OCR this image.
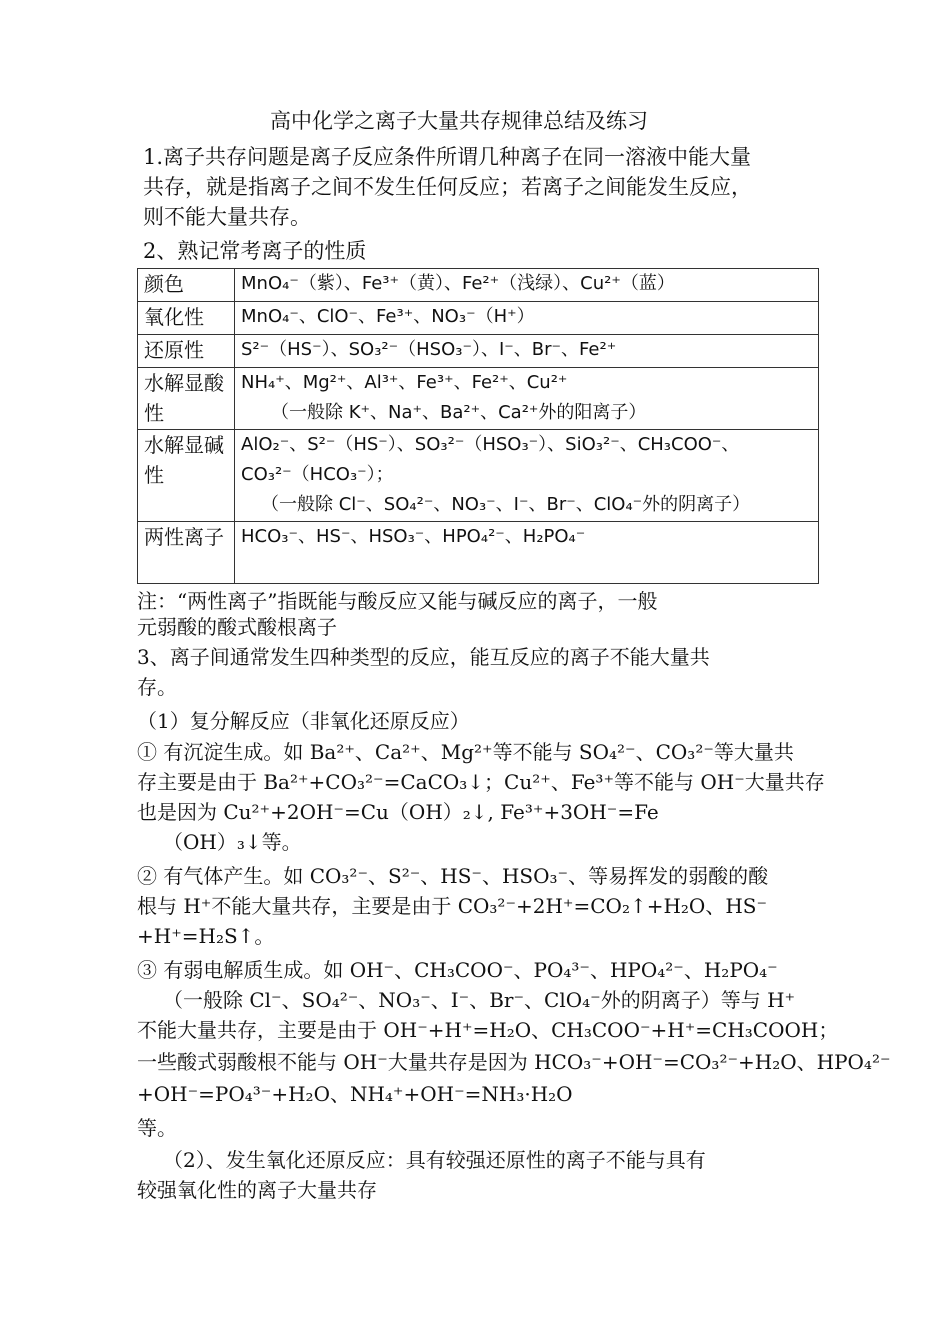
高中化学之离子大量共存规律总结及练习
1.离子共存问题是离子反应条件所谓几种离子在同一溶液中能大量
共存，就是指离子之间不发生任何反应；若离子之间能发生反应，
则不能大量共存。
2、熟记常考离子的性质
颜色	MnO₄⁻（紫）、Fe³⁺（黄）、Fe²⁺（浅绿）、Cu²⁺（蓝）

氧化性	MnO₄⁻、ClO⁻、Fe³⁺、NO₃⁻（H⁺）

还原性	S²⁻（HS⁻）、SO₃²⁻（HSO₃⁻）、I⁻、Br⁻、Fe²⁺

水解显酸性	NH₄⁺、Mg²⁺、Al³⁺、Fe³⁺、Fe²⁺、Cu²⁺
（一般除 K⁺、Na⁺、Ba²⁺、Ca²⁺外的阳离子）

水解显碱性	AlO₂⁻、S²⁻（HS⁻）、SO₃²⁻（HSO₃⁻）、SiO₃²⁻、CH₃COO⁻、
CO₃²⁻（HCO₃⁻）；
（一般除 Cl⁻、SO₄²⁻、NO₃⁻、I⁻、Br⁻、ClO₄⁻外的阴离子）

两性离子	HCO₃⁻、HS⁻、HSO₃⁻、HPO₄²⁻、H₂PO₄⁻
注：“两性离子”指既能与酸反应又能与碱反应的离子，一般
元弱酸的酸式酸根离子
3、离子间通常发生四种类型的反应，能互反应的离子不能大量共
存。
（1）复分解反应（非氧化还原反应）
① 有沉淀生成。如 Ba²⁺、Ca²⁺、Mg²⁺等不能与 SO₄²⁻、CO₃²⁻等大量共
存主要是由于 Ba²⁺+CO₃²⁻=CaCO₃↓；Cu²⁺、Fe³⁺等不能与 OH⁻大量共存
也是因为 Cu²⁺+2OH⁻=Cu（OH）₂↓, Fe³⁺+3OH⁻=Fe
（OH）₃↓等。
② 有气体产生。如 CO₃²⁻、S²⁻、HS⁻、HSO₃⁻、等易挥发的弱酸的酸
根与 H⁺不能大量共存，主要是由于 CO₃²⁻+2H⁺=CO₂↑+H₂O、HS⁻
+H⁺=H₂S↑。
③ 有弱电解质生成。如 OH⁻、CH₃COO⁻、PO₄³⁻、HPO₄²⁻、H₂PO₄⁻
（一般除 Cl⁻、SO₄²⁻、NO₃⁻、I⁻、Br⁻、ClO₄⁻外的阴离子）等与 H⁺
不能大量共存，主要是由于 OH⁻+H⁺=H₂O、CH₃COO⁻+H⁺=CH₃COOH；
一些酸式弱酸根不能与 OH⁻大量共存是因为 HCO₃⁻+OH⁻=CO₃²⁻+H₂O、HPO₄²⁻
+OH⁻=PO₄³⁻+H₂O、NH₄⁺+OH⁻=NH₃·H₂O
等。
（2）、发生氧化还原反应：具有较强还原性的离子不能与具有
较强氧化性的离子大量共存
